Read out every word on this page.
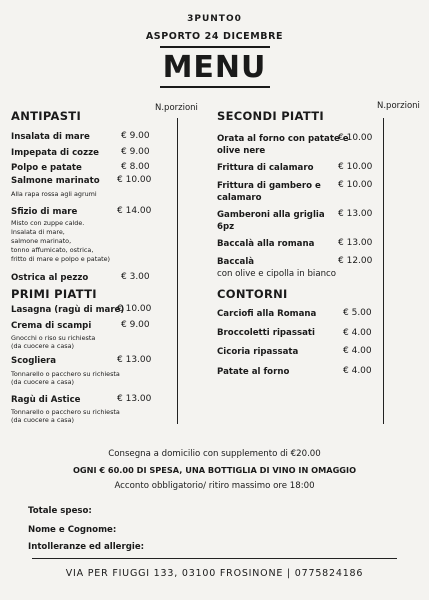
3PUNTO0
ASPORTO 24 DICEMBRE
MENU
N.porzioni	N.porzioni
ANTIPASTI
Insalata di mare	€ 9.00
Impepata di cozze € 9.00
Polpo e patate	€ 8.00
Salmone marinato € 10.00
Alla rapa rossa agli agrumi
Sfizio di mare	€ 14.00
Misto con zuppe calde.
Insalata di mare,
salmone marinato,
tonno affumicato, ostrica,
fritto di mare e polpo e patate)
Ostrica al pezzo	€ 3.00
PRIMI PIATTI
Lasagna (ragù di mare)
€ 10.00
Crema di scampi	€ 9.00
Gnocchi o riso su richiesta
(da cuocere a casa)
Scogliera	€ 13.00
Tonnarello o pacchero su richiesta
(da cuocere a casa)
Ragù di Astice	€ 13.00
Tonnarello o pacchero su richiesta
(da cuocere a casa)
SECONDI PIATTI
Orata al forno con patate e
olive nere
€ 10.00
Frittura di calamaro	€ 10.00
Frittura di gambero e
calamaro
€ 10.00
Gamberoni alla griglia
6pz
€ 13.00
Baccalà alla romana	€ 13.00
Baccalà
con olive e cipolla in bianco
€ 12.00
CONTORNI
Carciofi alla Romana	€ 5.00
Broccoletti ripassati	€ 4.00
Cicoria ripassata	€ 4.00
Patate al forno	€ 4.00
Consegna a domicilio con supplemento di €20.00
OGNI € 60.00 DI SPESA, UNA BOTTIGLIA DI VINO IN OMAGGIO
Acconto obbligatorio/ ritiro massimo ore 18:00
Totale speso:
Nome e Cognome:
Intolleranze ed allergie:
VIA PER FIUGGI 133, 03100 FROSINONE | 0775824186
